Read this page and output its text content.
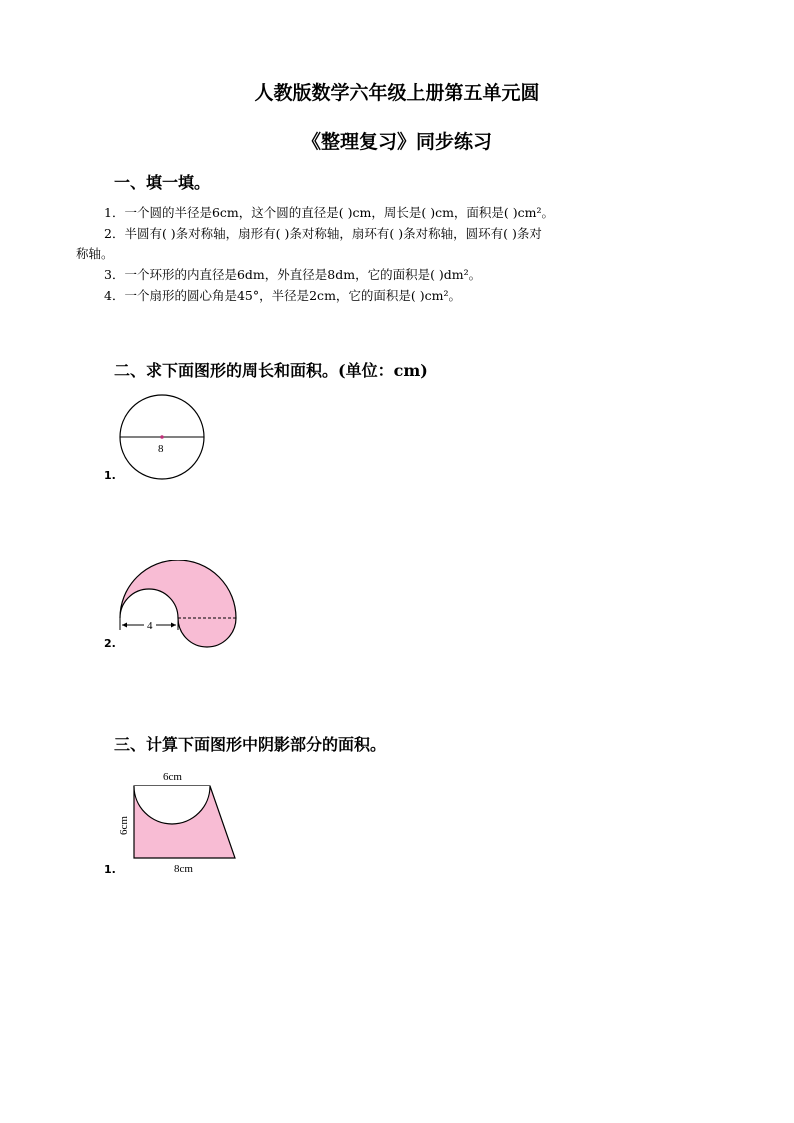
人教版数学六年级上册第五单元圆
《整理复习》同步练习
一、填一填。
1．一个圆的半径是6cm，这个圆的直径是( )cm，周长是( )cm，面积是( )cm²。
2．半圆有( )条对称轴，扇形有( )条对称轴，扇环有( )条对称轴，圆环有( )条对
称轴。
3．一个环形的内直径是6dm，外直径是8dm，它的面积是( )dm²。
4．一个扇形的圆心角是45°，半径是2cm，它的面积是( )cm²。
二、求下面图形的周长和面积。(单位：cm)
1.
8
2.
4
三、计算下面图形中阴影部分的面积。
1.
6cm
6cm
8cm
